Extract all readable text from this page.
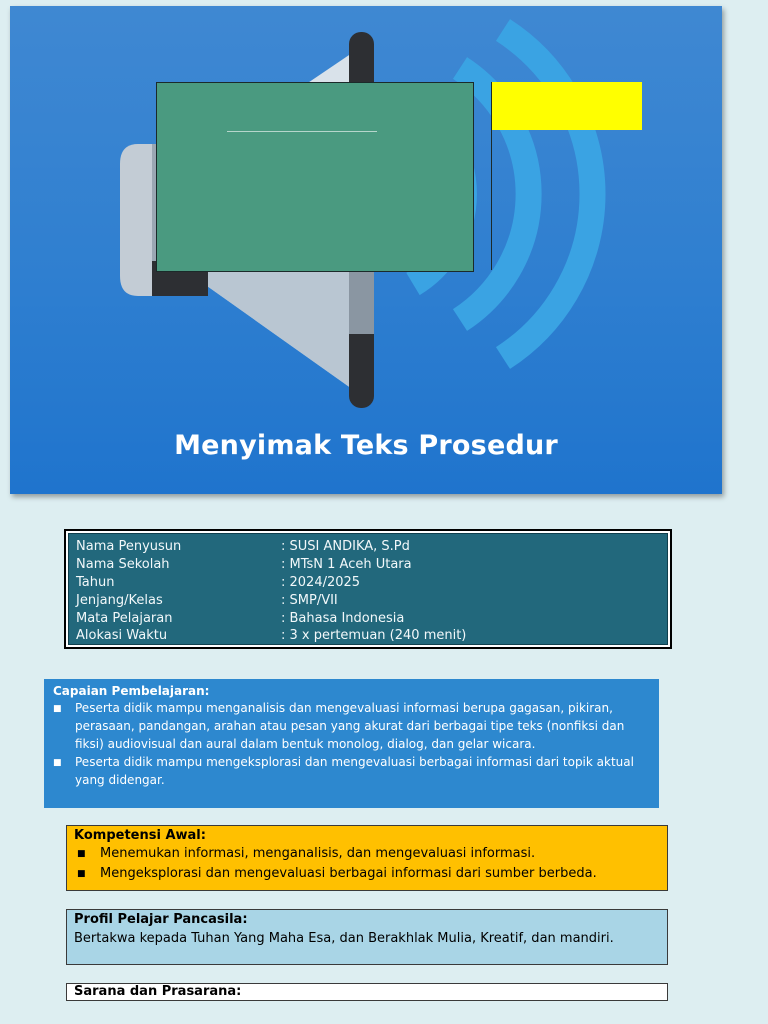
Menyimak Teks Prosedur
Nama Penyusun	: SUSI ANDIKA, S.Pd
Nama Sekolah	: MTsN 1 Aceh Utara
Tahun	: 2024/2025
Jenjang/Kelas	: SMP/VII
Mata Pelajaran	: Bahasa Indonesia
Alokasi Waktu	: 3 x pertemuan (240 menit)
Capaian Pembelajaran:
■	Peserta didik mampu menganalisis dan mengevaluasi informasi berupa gagasan, pikiran, perasaan, pandangan, arahan atau pesan yang akurat dari berbagai tipe teks (nonfiksi dan fiksi) audiovisual dan aural dalam bentuk monolog, dialog, dan gelar wicara.
■	Peserta didik mampu mengeksplorasi dan mengevaluasi berbagai informasi dari topik aktual yang didengar.
Kompetensi Awal:
■	Menemukan informasi, menganalisis, dan mengevaluasi informasi.
■	Mengeksplorasi dan mengevaluasi berbagai informasi dari sumber berbeda.
Profil Pelajar Pancasila:
Bertakwa kepada Tuhan Yang Maha Esa, dan Berakhlak Mulia, Kreatif, dan mandiri.
Sarana dan Prasarana:
